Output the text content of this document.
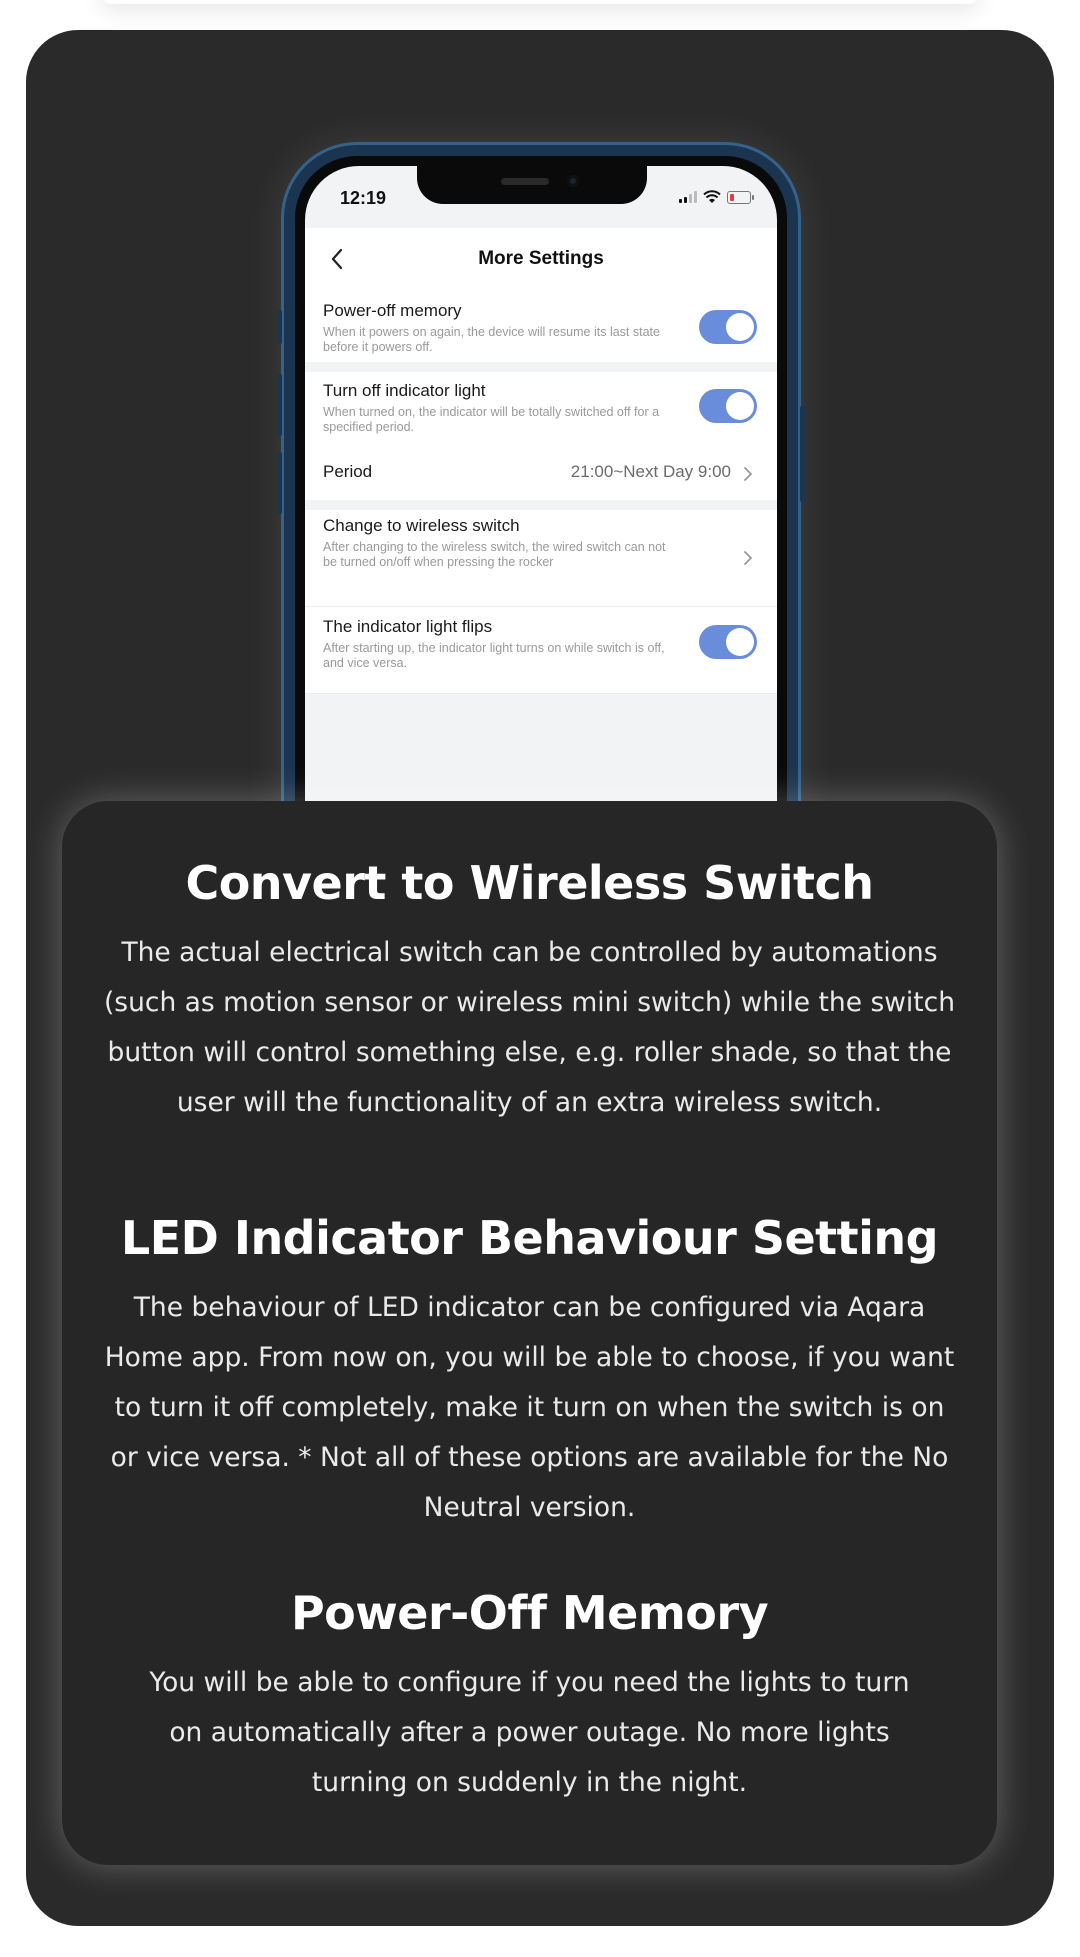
12:19
More Settings
Power-off memory
When it powers on again, the device will resume its last state before it powers off.
Turn off indicator light
When turned on, the indicator will be totally switched off for a specified period.
Period	21:00~Next Day 9:00
Change to wireless switch
After changing to the wireless switch, the wired switch can not be turned on/off when pressing the rocker
The indicator light flips
After starting up, the indicator light turns on while switch is off, and vice versa.
Convert to Wireless Switch

The actual electrical switch can be controlled by automations (such as motion sensor or wireless mini switch) while the switch button will control something else, e.g. roller shade, so that the user will the functionality of an extra wireless switch.

LED Indicator Behaviour Setting

The behaviour of LED indicator can be configured via Aqara Home app. From now on, you will be able to choose, if you want to turn it off completely, make it turn on when the switch is on or vice versa. * Not all of these options are available for the No Neutral version.

Power-Off Memory

You will be able to configure if you need the lights to turn on automatically after a power outage. No more lights turning on suddenly in the night.
